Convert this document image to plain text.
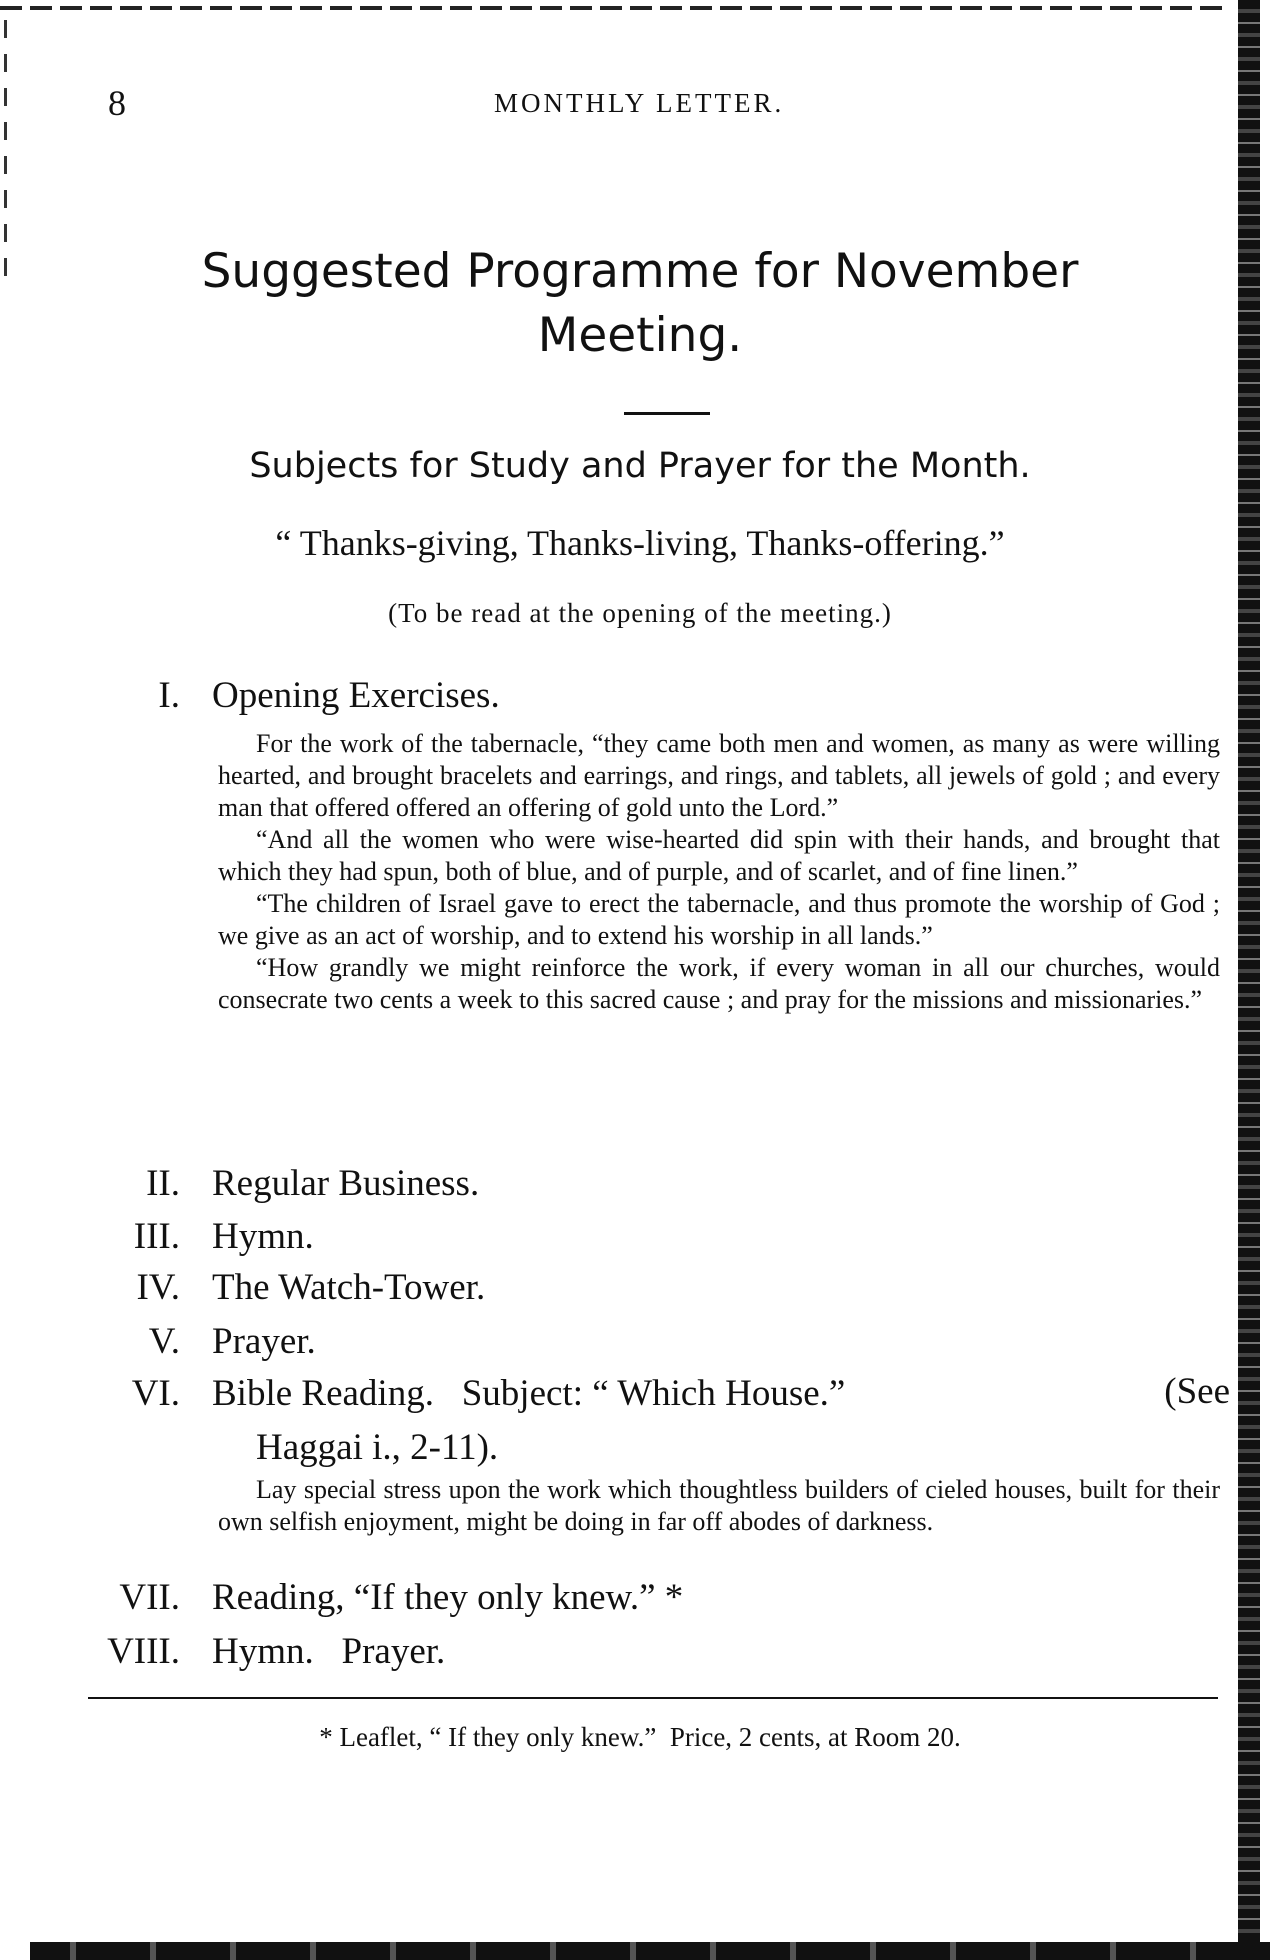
8	MONTHLY LETTER.
Suggested Programme for November
Meeting.
Subjects for Study and Prayer for the Month.
“ Thanks-giving, Thanks-living, Thanks-offering.”
(To be read at the opening of the meeting.)
I. Opening Exercises.

For the work of the tabernacle, “they came both men and women, as many as were willing hearted, and brought bracelets and earrings, and rings, and tablets, all jewels of gold ; and every man that offered offered an offering of gold unto the Lord.”

“And all the women who were wise-hearted did spin with their hands, and brought that which they had spun, both of blue, and of purple, and of scarlet, and of fine linen.”

“The children of Israel gave to erect the tabernacle, and thus promote the worship of God ; we give as an act of worship, and to extend his worship in all lands.”

“How grandly we might reinforce the work, if every woman in all our churches, would consecrate two cents a week to this sacred cause ; and pray for the missions and missionaries.”

II. Regular Business.
III. Hymn.
IV. The Watch-Tower.
V. Prayer.
VI. Bible Reading.   Subject: “ Which House.”	(See
Haggai i., 2-11).

Lay special stress upon the work which thoughtless builders of cieled houses, built for their own selfish enjoyment, might be doing in far off abodes of darkness.

VII. Reading, “If they only knew.” *
VIII. Hymn.   Prayer.
* Leaflet, “ If they only knew.”  Price, 2 cents, at Room 20.
